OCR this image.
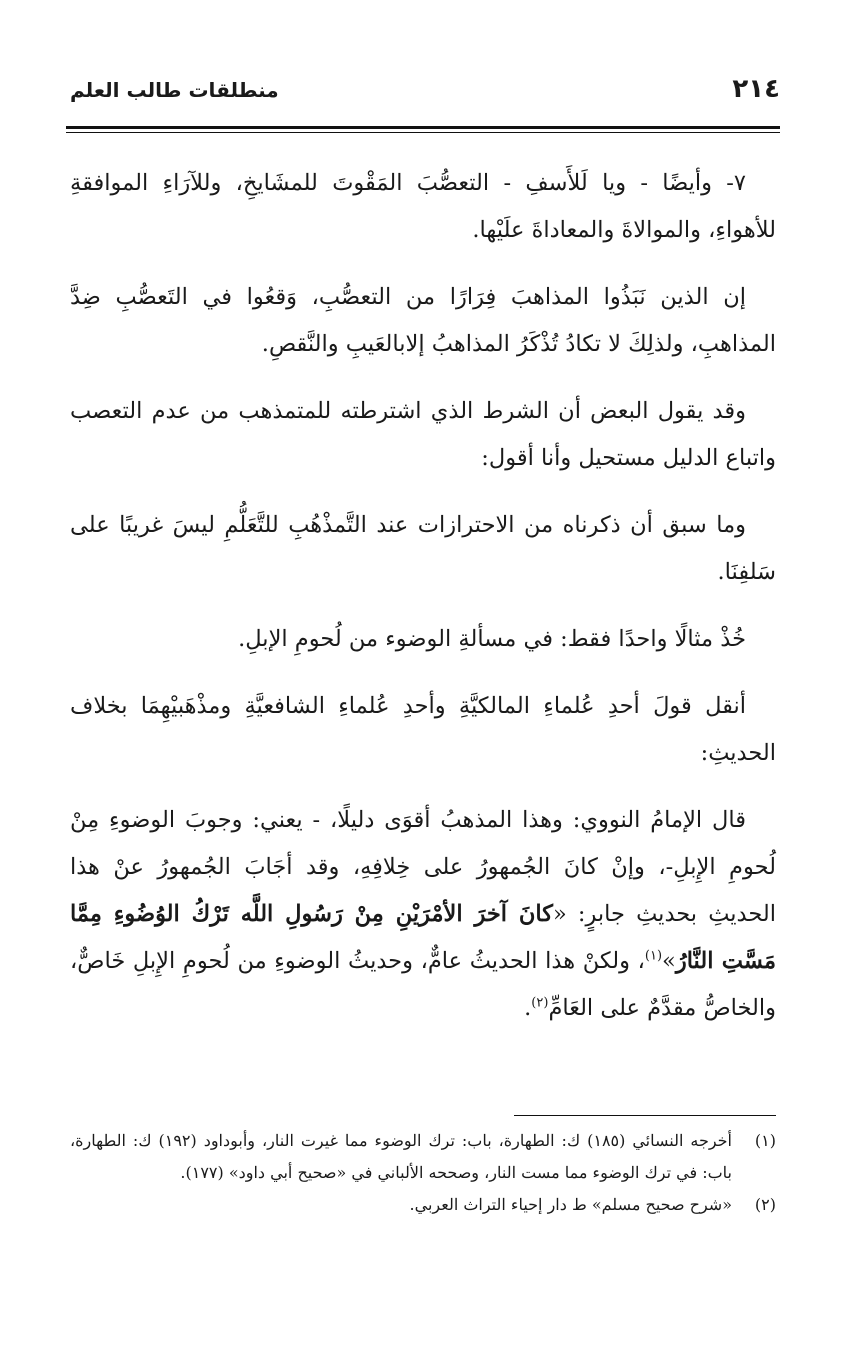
٢١٤
منطلقات طالب العلم

٧- وأيضًا - ويا لَلأَسفِ - التعصُّبَ المَقْوتَ للمشَايخِ، وللآرَاءِ الموافقةِ للأهواءِ، والموالاةَ والمعاداةَ علَيْها.

إن الذين نَبَذُوا المذاهبَ فِرَارًا من التعصُّبِ، وَقعُوا في التَعصُّبِ ضِدَّ المذاهبِ، ولذلِكَ لا تكادُ تُذْكَرُ المذاهبُ إلابالعَيبِ والنَّقصِ.

وقد يقول البعض أن الشرط الذي اشترطته للمتمذهب من عدم التعصب واتباع الدليل مستحيل وأنا أقول:

وما سبق أن ذكرناه من الاحترازات عند التَّمذْهُبِ للتَّعَلُّمِ ليسَ غريبًا على سَلفِنَا.

خُذْ مثالًا واحدًا فقط: في مسألةِ الوضوء من لُحومِ الإبلِ.

أنقل قولَ أحدِ عُلماءِ المالكيَّةِ وأحدِ عُلماءِ الشافعيَّةِ ومذْهَبيْهِمَا بخلاف الحديثِ:

قال الإمامُ النووي: وهذا المذهبُ أقوَى دليلًا، - يعني: وجوبَ الوضوءِ مِنْ لُحومِ الإِبلِ-، وإنْ كانَ الجُمهورُ على خِلافِهِ، وقد أجَابَ الجُمهورُ عنْ هذا الحديثِ بحديثِ جابرٍ: «كانَ آخرَ الأمْرَيْنِ مِنْ رَسُولِ اللَّه تَرْكُ الوُضُوءِ مِمَّا مَسَّتِ النَّارُ»$^{(١)}$، ولكنْ هذا الحديثُ عامٌّ، وحديثُ الوضوءِ من لُحومِ الإِبلِ خَاصٌّ، والخاصُّ مقدَّمٌ على العَامِّ$^{(٢)}$.

(١)
أخرجه النسائي (١٨٥) ك: الطهارة، باب: ترك الوضوء مما غيرت النار، وأبوداود (١٩٢) ك: الطهارة، باب: في ترك الوضوء مما مست النار، وصححه الألباني في «صحيح أبي داود» (١٧٧).

(٢)
«شرح صحيح مسلم» ط دار إحياء التراث العربي.
